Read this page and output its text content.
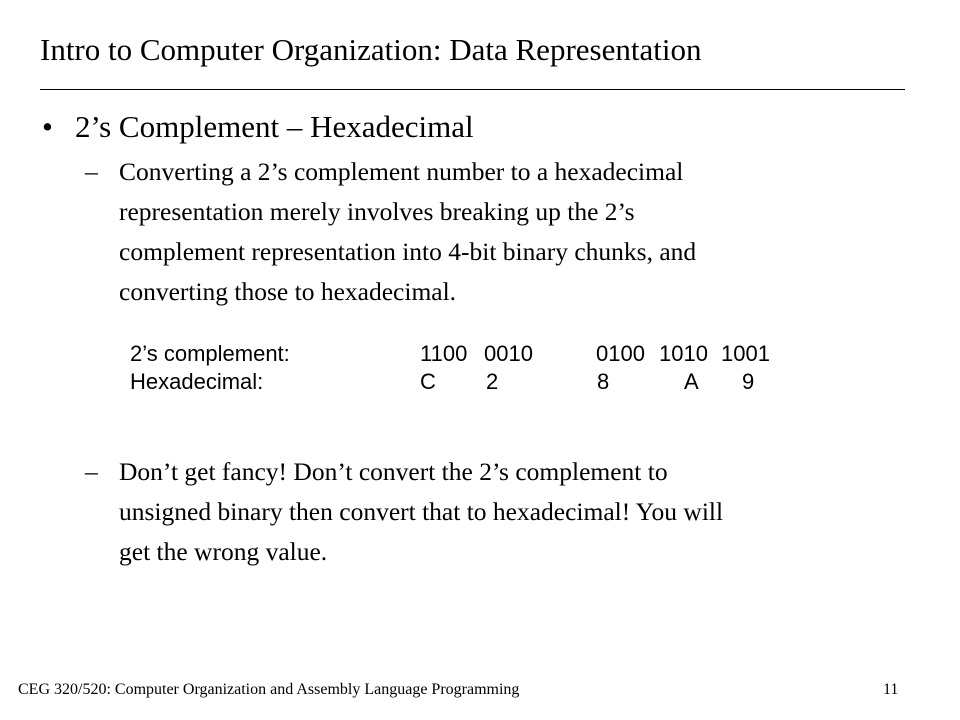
Intro to Computer Organization: Data Representation
• 2’s Complement – Hexadecimal
– Converting a 2’s complement number to a hexadecimal
representation merely involves breaking up the 2’s
complement representation into 4-bit binary chunks, and
converting those to hexadecimal.
2’s complement:	1100 0010	0100 1010 1001
Hexadecimal:	C 2	8	A 9
– Don’t get fancy! Don’t convert the 2’s complement to
unsigned binary then convert that to hexadecimal! You will
get the wrong value.
CEG 320/520: Computer Organization and Assembly Language Programming	11
